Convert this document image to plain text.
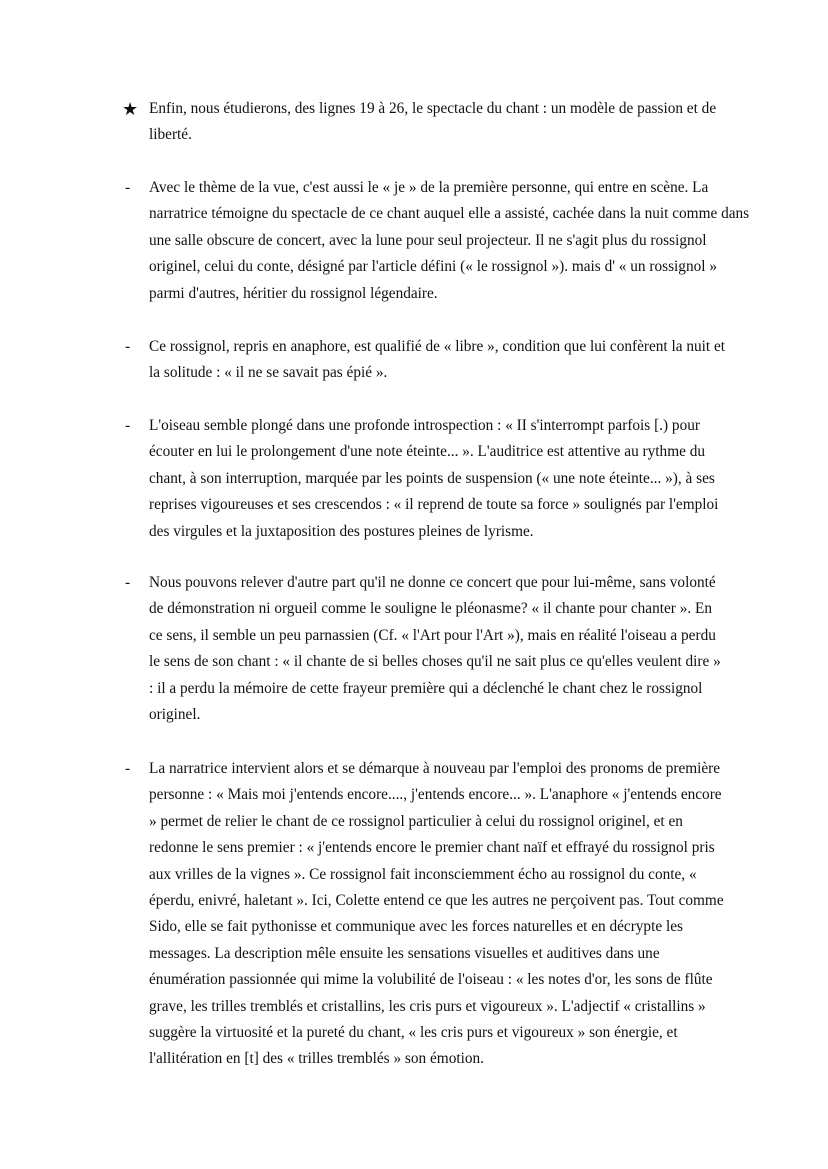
★ Enfin, nous étudierons, des lignes 19 à 26, le spectacle du chant : un modèle de passion et de
liberté.
- Avec le thème de la vue, c'est aussi le « je » de la première personne, qui entre en scène. La
narratrice témoigne du spectacle de ce chant auquel elle a assisté, cachée dans la nuit comme dans
une salle obscure de concert, avec la lune pour seul projecteur. Il ne s'agit plus du rossignol
originel, celui du conte, désigné par l'article défini (« le rossignol »). mais d' « un rossignol »
parmi d'autres, héritier du rossignol légendaire.
- Ce rossignol, repris en anaphore, est qualifié de « libre », condition que lui confèrent la nuit et
la solitude : « il ne se savait pas épié ».
- L'oiseau semble plongé dans une profonde introspection : « II s'interrompt parfois [.) pour
écouter en lui le prolongement d'une note éteinte... ». L'auditrice est attentive au rythme du
chant, à son interruption, marquée par les points de suspension (« une note éteinte... »), à ses
reprises vigoureuses et ses crescendos : « il reprend de toute sa force » soulignés par l'emploi
des virgules et la juxtaposition des postures pleines de lyrisme.
- Nous pouvons relever d'autre part qu'il ne donne ce concert que pour lui-même, sans volonté
de démonstration ni orgueil comme le souligne le pléonasme? « il chante pour chanter ». En
ce sens, il semble un peu parnassien (Cf. « l'Art pour l'Art »), mais en réalité l'oiseau a perdu
le sens de son chant : « il chante de si belles choses qu'il ne sait plus ce qu'elles veulent dire »
: il a perdu la mémoire de cette frayeur première qui a déclenché le chant chez le rossignol
originel.
- La narratrice intervient alors et se démarque à nouveau par l'emploi des pronoms de première
personne : « Mais moi j'entends encore...., j'entends encore... ». L'anaphore « j'entends encore
» permet de relier le chant de ce rossignol particulier à celui du rossignol originel, et en
redonne le sens premier : « j'entends encore le premier chant naïf et effrayé du rossignol pris
aux vrilles de la vignes ». Ce rossignol fait inconsciemment écho au rossignol du conte, «
éperdu, enivré, haletant ». Ici, Colette entend ce que les autres ne perçoivent pas. Tout comme
Sido, elle se fait pythonisse et communique avec les forces naturelles et en décrypte les
messages. La description mêle ensuite les sensations visuelles et auditives dans une
énumération passionnée qui mime la volubilité de l'oiseau : « les notes d'or, les sons de flûte
grave, les trilles tremblés et cristallins, les cris purs et vigoureux ». L'adjectif « cristallins »
suggère la virtuosité et la pureté du chant, « les cris purs et vigoureux » son énergie, et
l'allitération en [t] des « trilles tremblés » son émotion.
